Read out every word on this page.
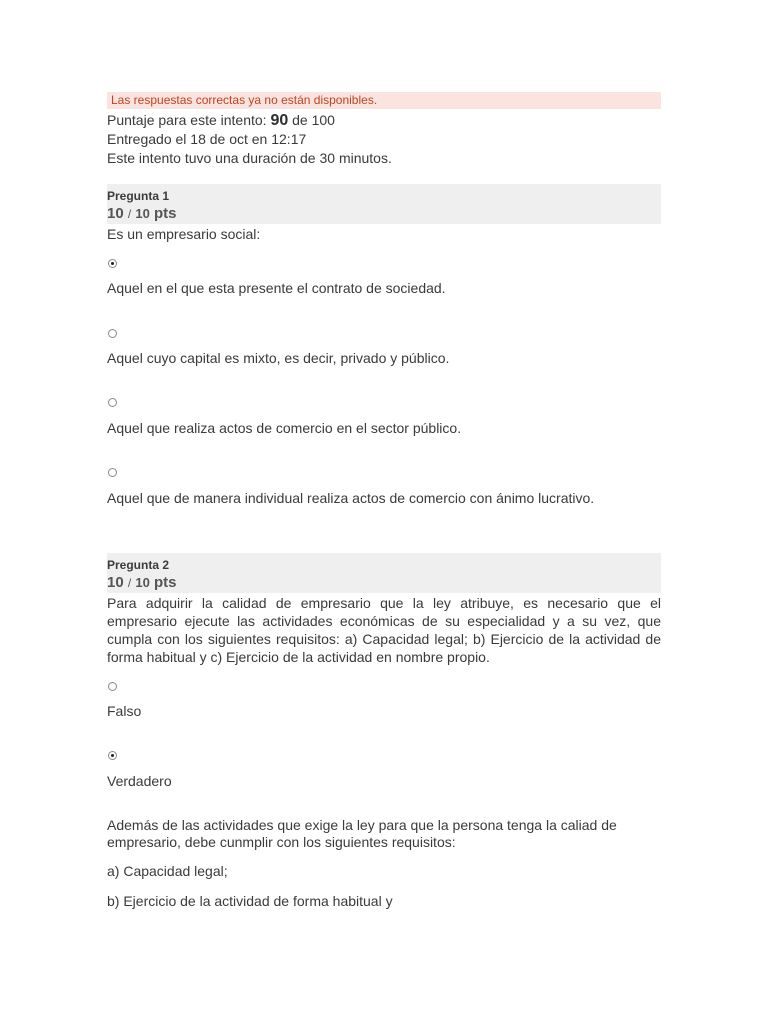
Las respuestas correctas ya no están disponibles.
Puntaje para este intento: 90 de 100
Entregado el 18 de oct en 12:17
Este intento tuvo una duración de 30 minutos.
Pregunta 1
10 / 10 pts
Es un empresario social:
Aquel en el que esta presente el contrato de sociedad.
Aquel cuyo capital es mixto, es decir, privado y público.
Aquel que realiza actos de comercio en el sector público.
Aquel que de manera individual realiza actos de comercio con ánimo lucrativo.
Pregunta 2
10 / 10 pts
Para adquirir la calidad de empresario que la ley atribuye, es necesario que el empresario ejecute las actividades económicas de su especialidad y a su vez, que cumpla con los siguientes requisitos: a) Capacidad legal; b) Ejercicio de la actividad de forma habitual y c) Ejercicio de la actividad en nombre propio.
Falso
Verdadero
Además de las actividades que exige la ley para que la persona tenga la caliad de empresario, debe cunmplir con los siguientes requisitos:
a) Capacidad legal;
b) Ejercicio de la actividad de forma habitual y
